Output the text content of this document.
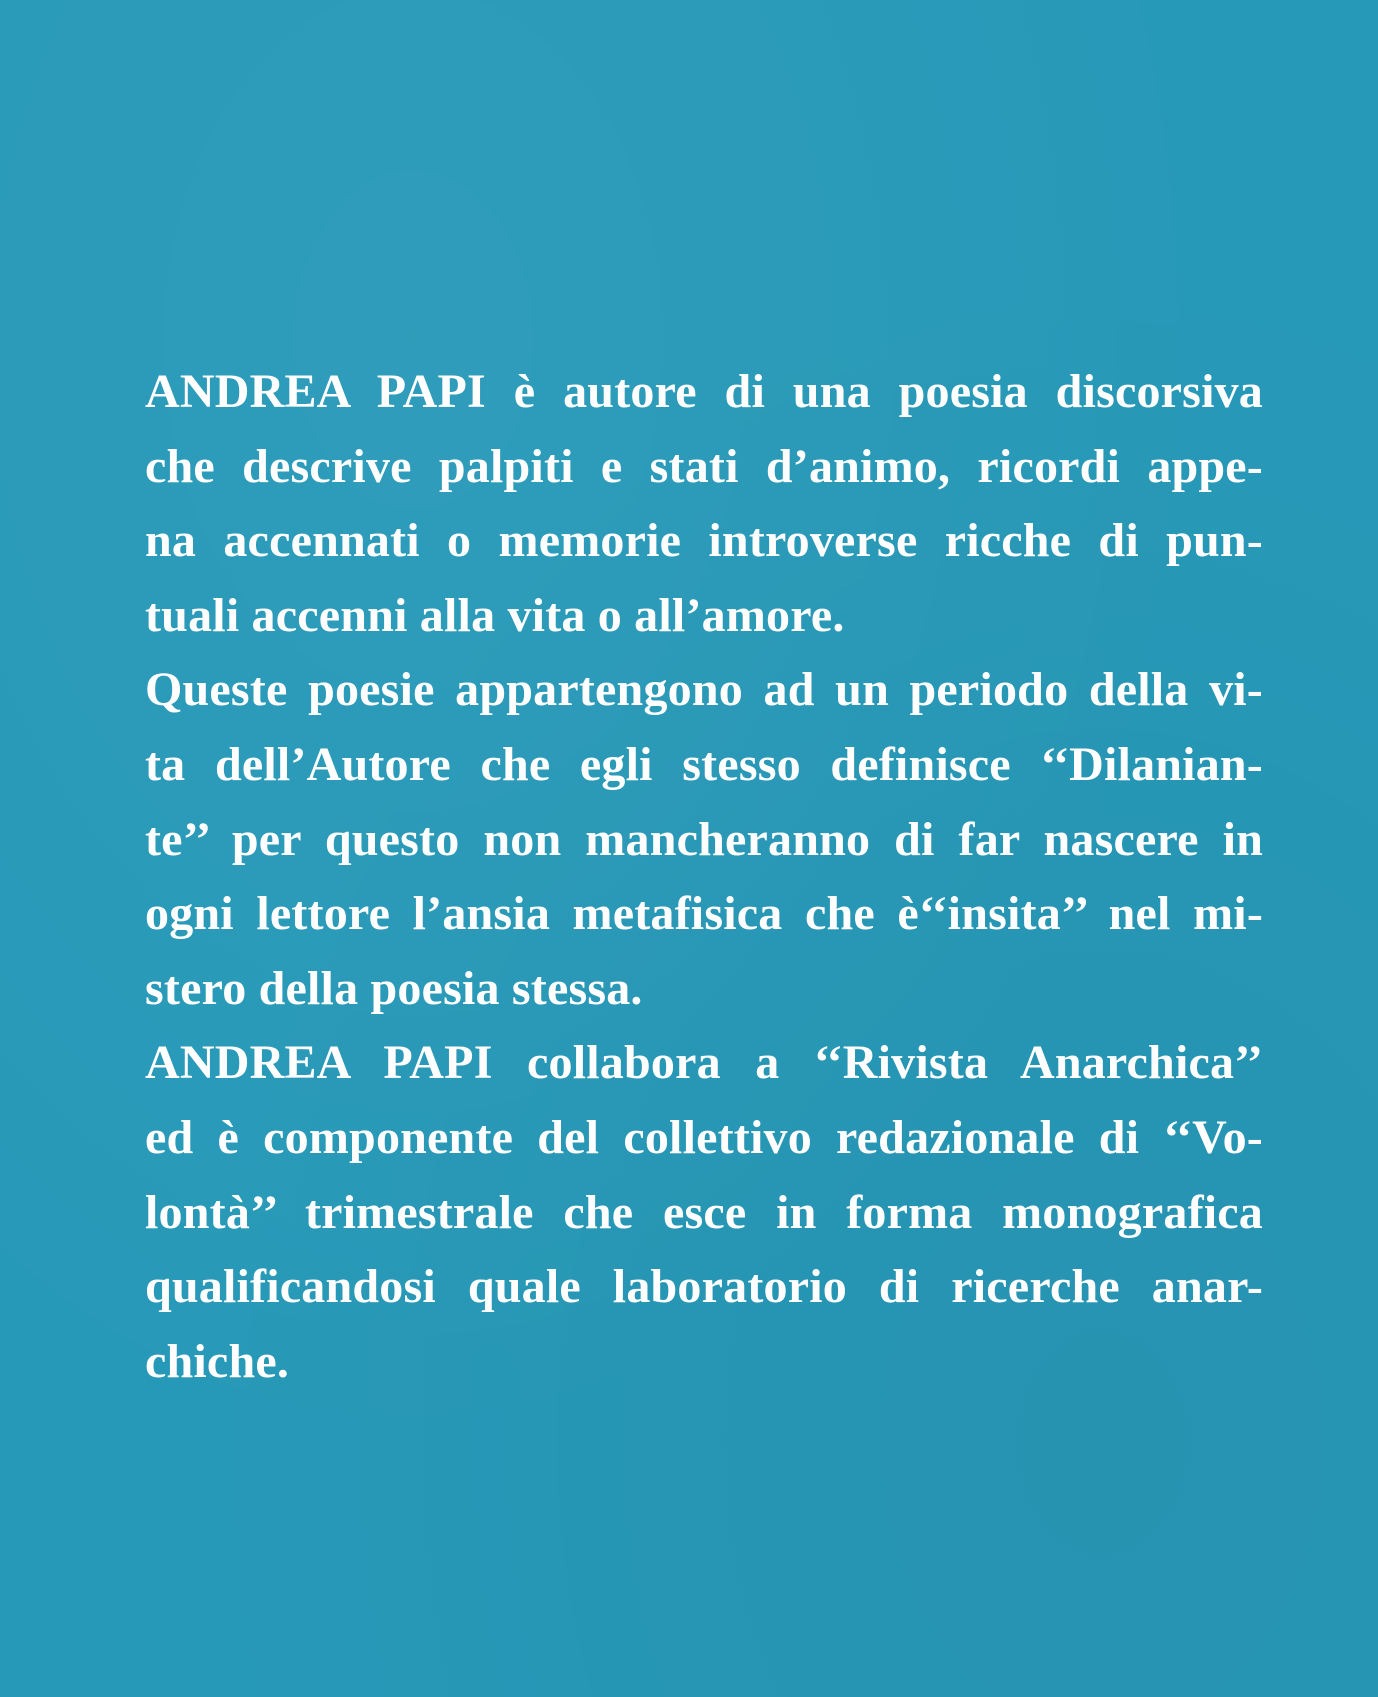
ANDREA PAPI è autore di una poesia discorsiva
che descrive palpiti e stati d’animo, ricordi appe-
na accennati o memorie introverse ricche di pun-
tuali accenni alla vita o all’amore.
Queste poesie appartengono ad un periodo della vi-
ta dell’Autore che egli stesso definisce ‘‘Dilanian-
te’’ per questo non mancheranno di far nascere in
ogni lettore l’ansia metafisica che è‘‘insita’’ nel mi-
stero della poesia stessa.
ANDREA PAPI collabora a ‘‘Rivista Anarchica’’
ed è componente del collettivo redazionale di ‘‘Vo-
lontà’’ trimestrale che esce in forma monografica
qualificandosi quale laboratorio di ricerche anar-
chiche.
